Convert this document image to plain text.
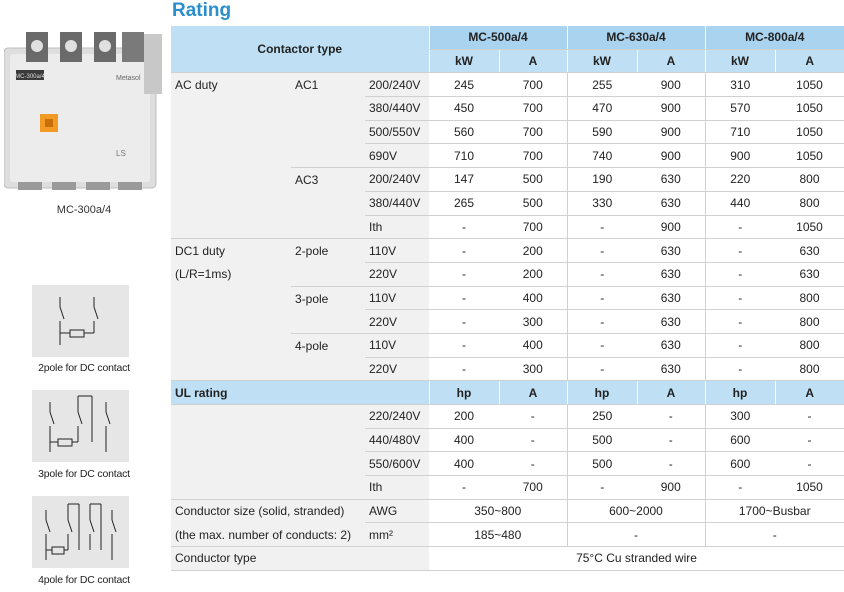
Rating
MC-300a/4	Metasol
LS
MC-300a/4
2pole for DC contact
3pole for DC contact
4pole for DC contact
Contactor type			MC-500a/4		MC-630a/4		MC-800a/4	
			kW	A	kW	A	kW	A
AC duty	AC1	200/240V	245	700	255	900	310	1050
		380/440V	450	700	470	900	570	1050
		500/550V	560	700	590	900	710	1050
		690V	710	700	740	900	900	1050
	AC3	200/240V	147	500	190	630	220	800
		380/440V	265	500	330	630	440	800
		Ith	-	700	-	900	-	1050
DC1 duty	2-pole	110V	-	200	-	630	-	630
(L/R=1ms)		220V	-	200	-	630	-	630
	3-pole	110V	-	400	-	630	-	800
		220V	-	300	-	630	-	800
	4-pole	110V	-	400	-	630	-	800
		220V	-	300	-	630	-	800
UL rating			hp	A	hp	A	hp	A
		220/240V	200	-	250	-	300	-
		440/480V	400	-	500	-	600	-
		550/600V	400	-	500	-	600	-
		Ith	-	700	-	900	-	1050
Conductor size (solid, stranded)		AWG	350~800		600~2000		1700~Busbar	
(the max. number of conducts: 2)		mm²	185~480		-		-	
Conductor type			75°C Cu stranded wire					
